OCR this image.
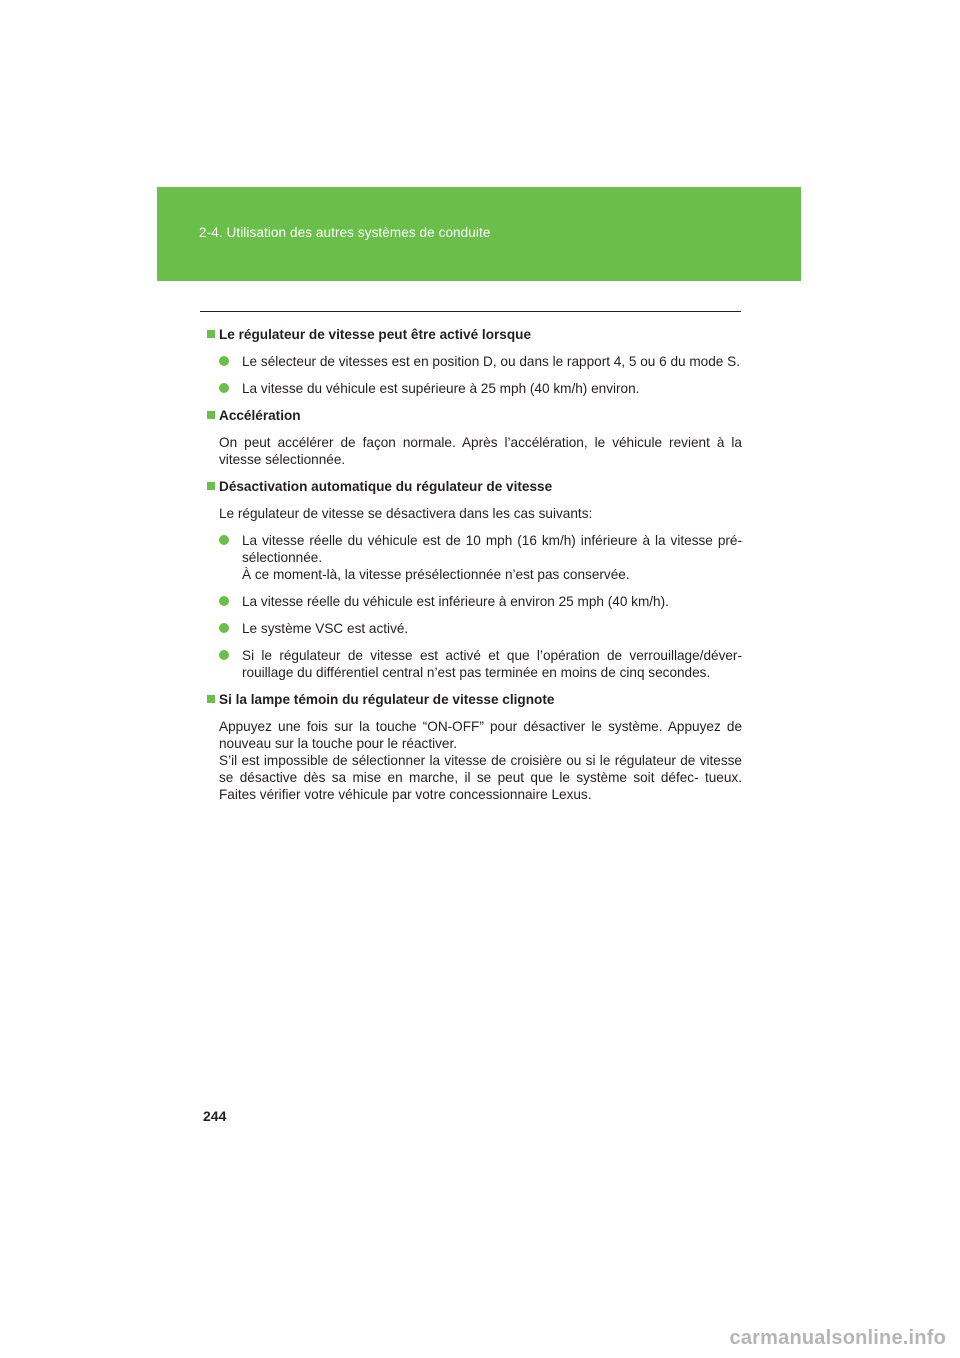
2-4. Utilisation des autres systèmes de conduite
Le régulateur de vitesse peut être activé lorsque
Le sélecteur de vitesses est en position D, ou dans le rapport 4, 5 ou 6 du mode S.
La vitesse du véhicule est supérieure à 25 mph (40 km/h) environ.
Accélération
On peut accélérer de façon normale. Après l’accélération, le véhicule revient à la vitesse sélectionnée.
Désactivation automatique du régulateur de vitesse
Le régulateur de vitesse se désactivera dans les cas suivants:
La vitesse réelle du véhicule est de 10 mph (16 km/h) inférieure à la vitesse pré- sélectionnée.
À ce moment-là, la vitesse présélectionnée n’est pas conservée.
La vitesse réelle du véhicule est inférieure à environ 25 mph (40 km/h).
Le système VSC est activé.
Si le régulateur de vitesse est activé et que l’opération de verrouillage/déver- rouillage du différentiel central n’est pas terminée en moins de cinq secondes.
Si la lampe témoin du régulateur de vitesse clignote
Appuyez une fois sur la touche “ON-OFF” pour désactiver le système. Appuyez de nouveau sur la touche pour le réactiver.
S’il est impossible de sélectionner la vitesse de croisière ou si le régulateur de vitesse se désactive dès sa mise en marche, il se peut que le système soit défec- tueux. Faites vérifier votre véhicule par votre concessionnaire Lexus.
244
carmanualsonline.info
